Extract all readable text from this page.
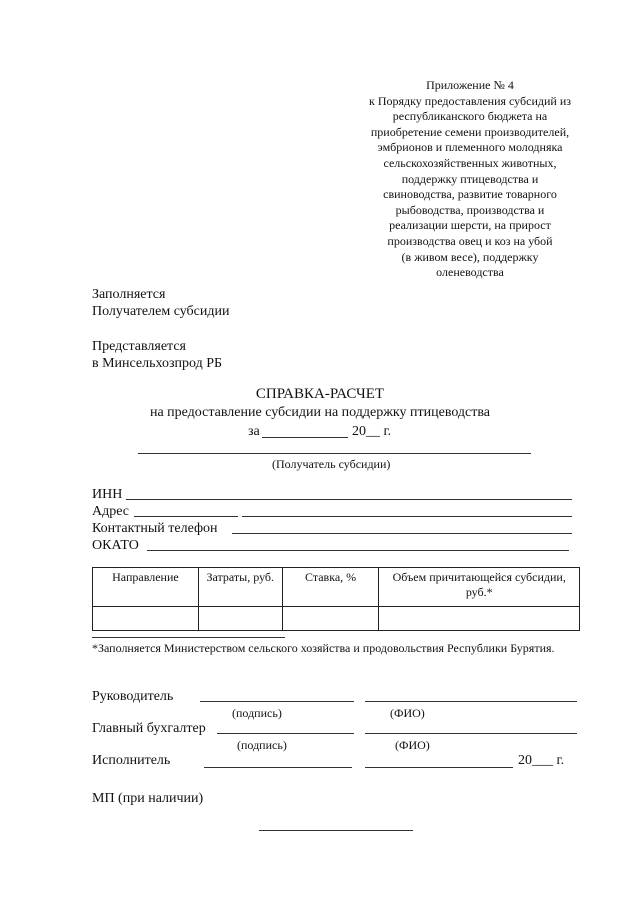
Приложение № 4
к Порядку предоставления субсидий из
республиканского бюджета на
приобретение семени производителей,
эмбрионов и племенного молодняка
сельскохозяйственных животных,
поддержку птицеводства и
свиноводства, развитие товарного
рыбоводства, производства и
реализации шерсти, на прирост
производства овец и коз на убой
(в живом весе), поддержку
оленеводства
Заполняется
Получателем субсидии
Представляется
в Минсельхозпрод РБ
СПРАВКА-РАСЧЕТ
на предоставление субсидии на поддержку птицеводства
за	20__ г.
(Получатель субсидии)
ИНН
Адрес
Контактный телефон
ОКАТО
Направление	Затраты, руб.	Ставка, %	Объем причитающейся субсидии, руб.*

*Заполняется Министерством сельского хозяйства и продовольствия Республики Бурятия.
Руководитель
(подпись)	(ФИО)
Главный бухгалтер
(подпись)	(ФИО)
Исполнитель	20___ г.
МП (при наличии)
